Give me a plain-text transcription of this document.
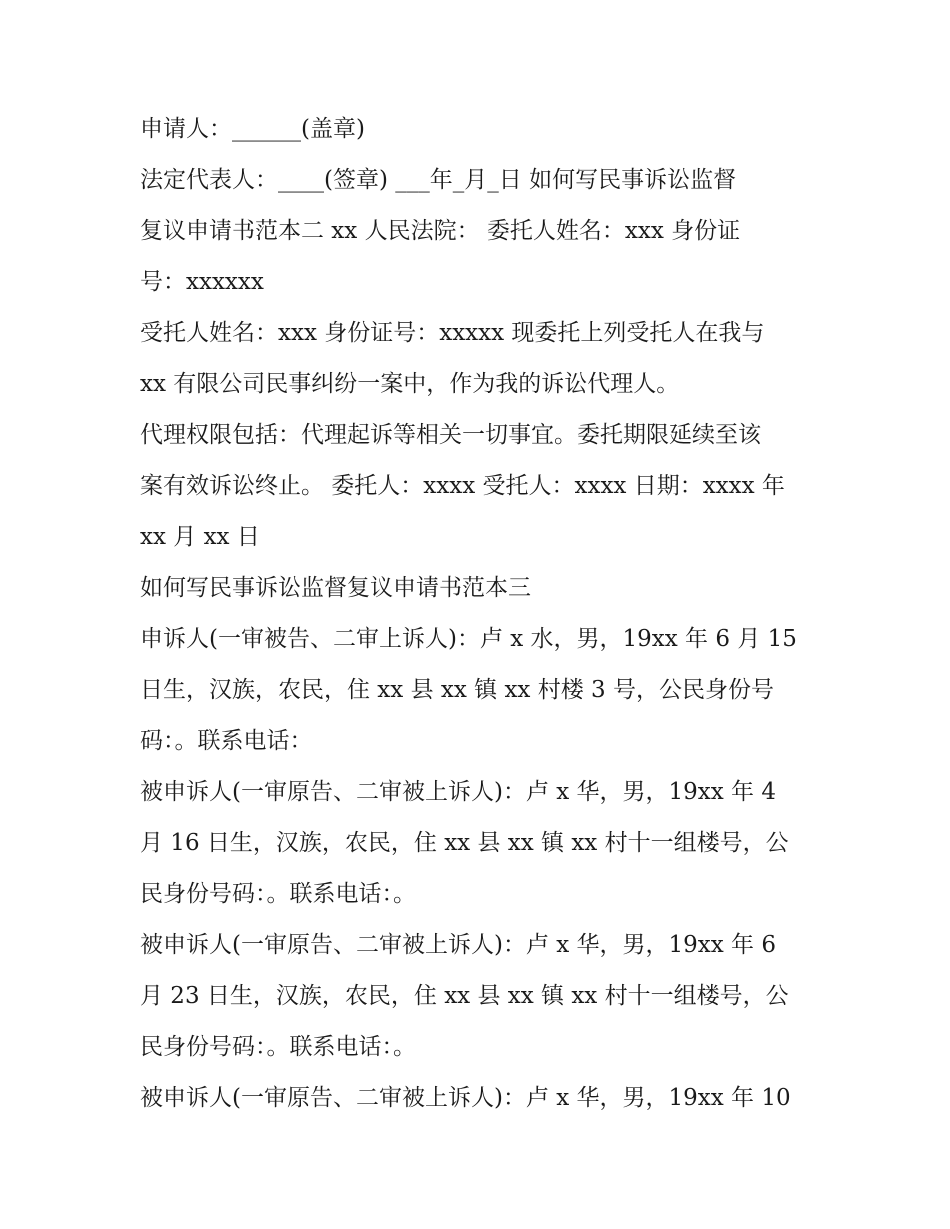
申请人：______(盖章)
法定代表人：____(签章) ___年_月_日 如何写民事诉讼监督
复议申请书范本二 xx 人民法院： 委托人姓名：xxx 身份证
号：xxxxxx
受托人姓名：xxx 身份证号：xxxxx 现委托上列受托人在我与
xx 有限公司民事纠纷一案中，作为我的诉讼代理人。
代理权限包括：代理起诉等相关一切事宜。委托期限延续至该
案有效诉讼终止。 委托人：xxxx 受托人：xxxx 日期：xxxx 年
xx 月 xx 日
如何写民事诉讼监督复议申请书范本三
申诉人(一审被告、二审上诉人)：卢 x 水，男，19xx 年 6 月 15
日生，汉族，农民，住 xx 县 xx 镇 xx 村楼 3 号，公民身份号
码：。联系电话：
被申诉人(一审原告、二审被上诉人)：卢 x 华，男，19xx 年 4
月 16 日生，汉族，农民，住 xx 县 xx 镇 xx 村十一组楼号，公
民身份号码：。联系电话：。
被申诉人(一审原告、二审被上诉人)：卢 x 华，男，19xx 年 6
月 23 日生，汉族，农民，住 xx 县 xx 镇 xx 村十一组楼号，公
民身份号码：。联系电话：。
被申诉人(一审原告、二审被上诉人)：卢 x 华，男，19xx 年 10
